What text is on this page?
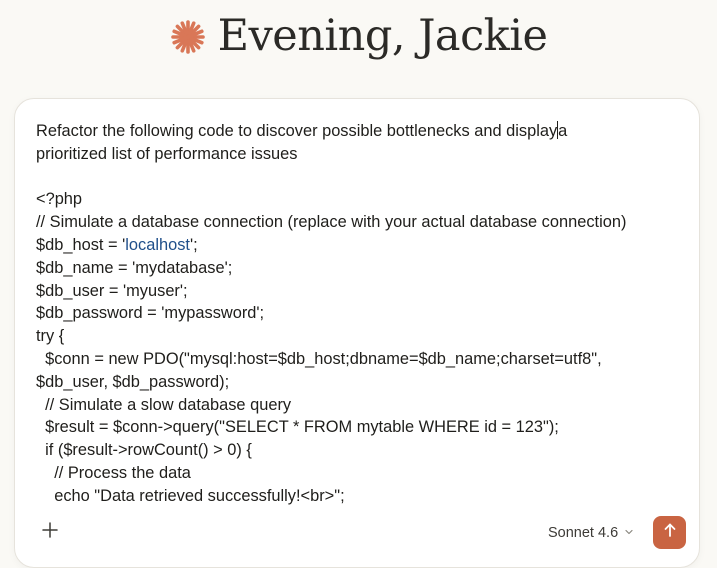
Evening, Jackie
Refactor the following code to discover possible bottlenecks and displaya
prioritized list of performance issues

<?php
// Simulate a database connection (replace with your actual database connection)
$db_host = 'localhost';
$db_name = 'mydatabase';
$db_user = 'myuser';
$db_password = 'mypassword';
try {
$conn = new PDO("mysql:host=$db_host;dbname=$db_name;charset=utf8",
$db_user, $db_password);
// Simulate a slow database query
$result = $conn->query("SELECT * FROM mytable WHERE id = 123");
if ($result->rowCount() > 0) {
// Process the data
echo "Data retrieved successfully!<br>";
Sonnet 4.6
